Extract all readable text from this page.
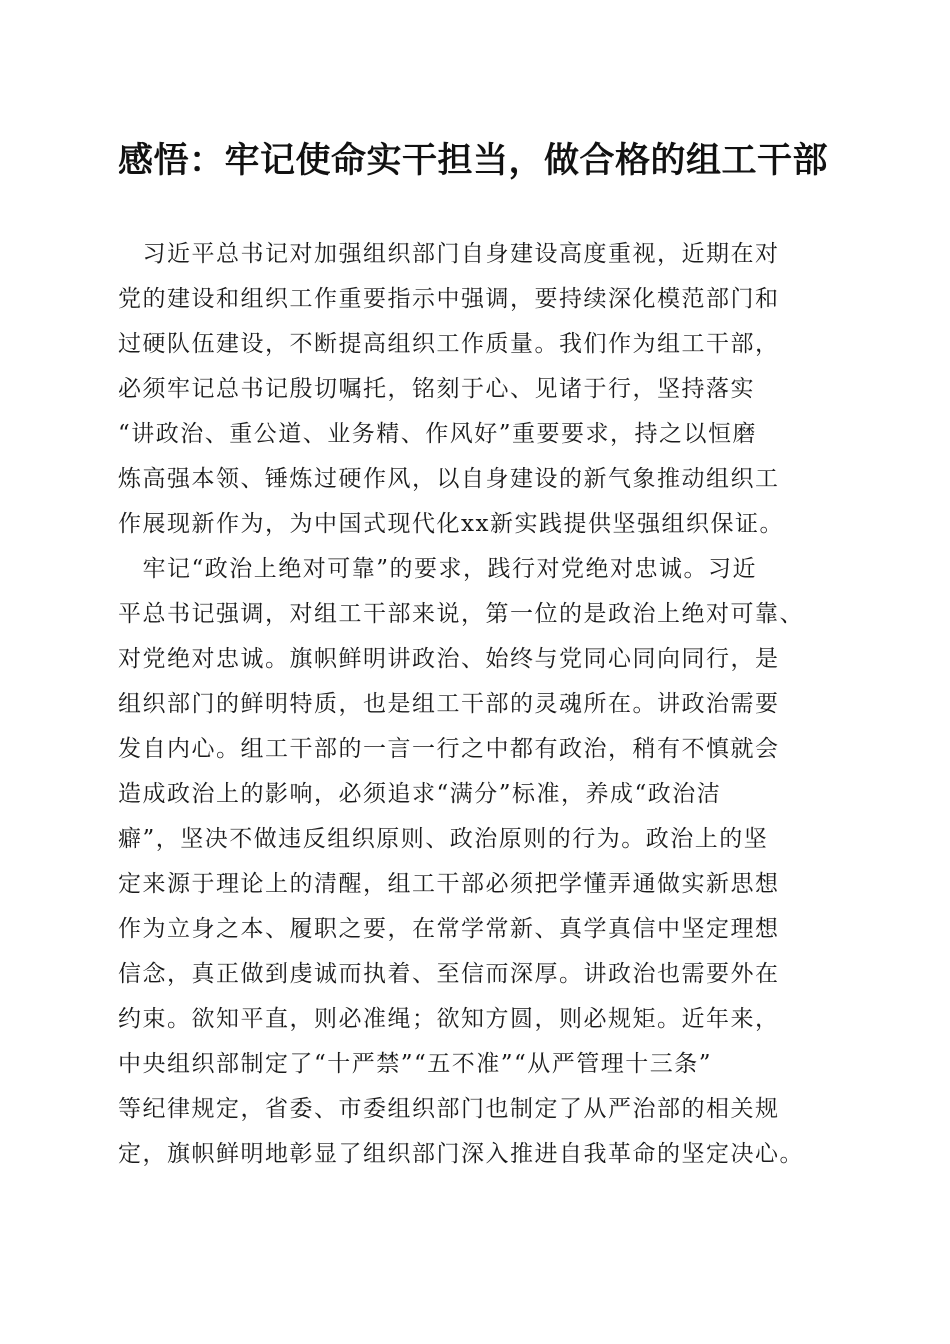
感悟：牢记使命实干担当，做合格的组工干部
　习近平总书记对加强组织部门自身建设高度重视，近期在对
党的建设和组织工作重要指示中强调，要持续深化模范部门和
过硬队伍建设，不断提高组织工作质量。我们作为组工干部，
必须牢记总书记殷切嘱托，铭刻于心、见诸于行，坚持落实
“讲政治、重公道、业务精、作风好”重要要求，持之以恒磨
炼高强本领、锤炼过硬作风，以自身建设的新气象推动组织工
作展现新作为，为中国式现代化xx新实践提供坚强组织保证。
　牢记“政治上绝对可靠”的要求，践行对党绝对忠诚。习近
平总书记强调，对组工干部来说，第一位的是政治上绝对可靠、
对党绝对忠诚。旗帜鲜明讲政治、始终与党同心同向同行，是
组织部门的鲜明特质，也是组工干部的灵魂所在。讲政治需要
发自内心。组工干部的一言一行之中都有政治，稍有不慎就会
造成政治上的影响，必须追求“满分”标准，养成“政治洁
癖”，坚决不做违反组织原则、政治原则的行为。政治上的坚
定来源于理论上的清醒，组工干部必须把学懂弄通做实新思想
作为立身之本、履职之要，在常学常新、真学真信中坚定理想
信念，真正做到虔诚而执着、至信而深厚。讲政治也需要外在
约束。欲知平直，则必准绳；欲知方圆，则必规矩。近年来，
中央组织部制定了“十严禁”“五不准”“从严管理十三条”
等纪律规定，省委、市委组织部门也制定了从严治部的相关规
定，旗帜鲜明地彰显了组织部门深入推进自我革命的坚定决心。
